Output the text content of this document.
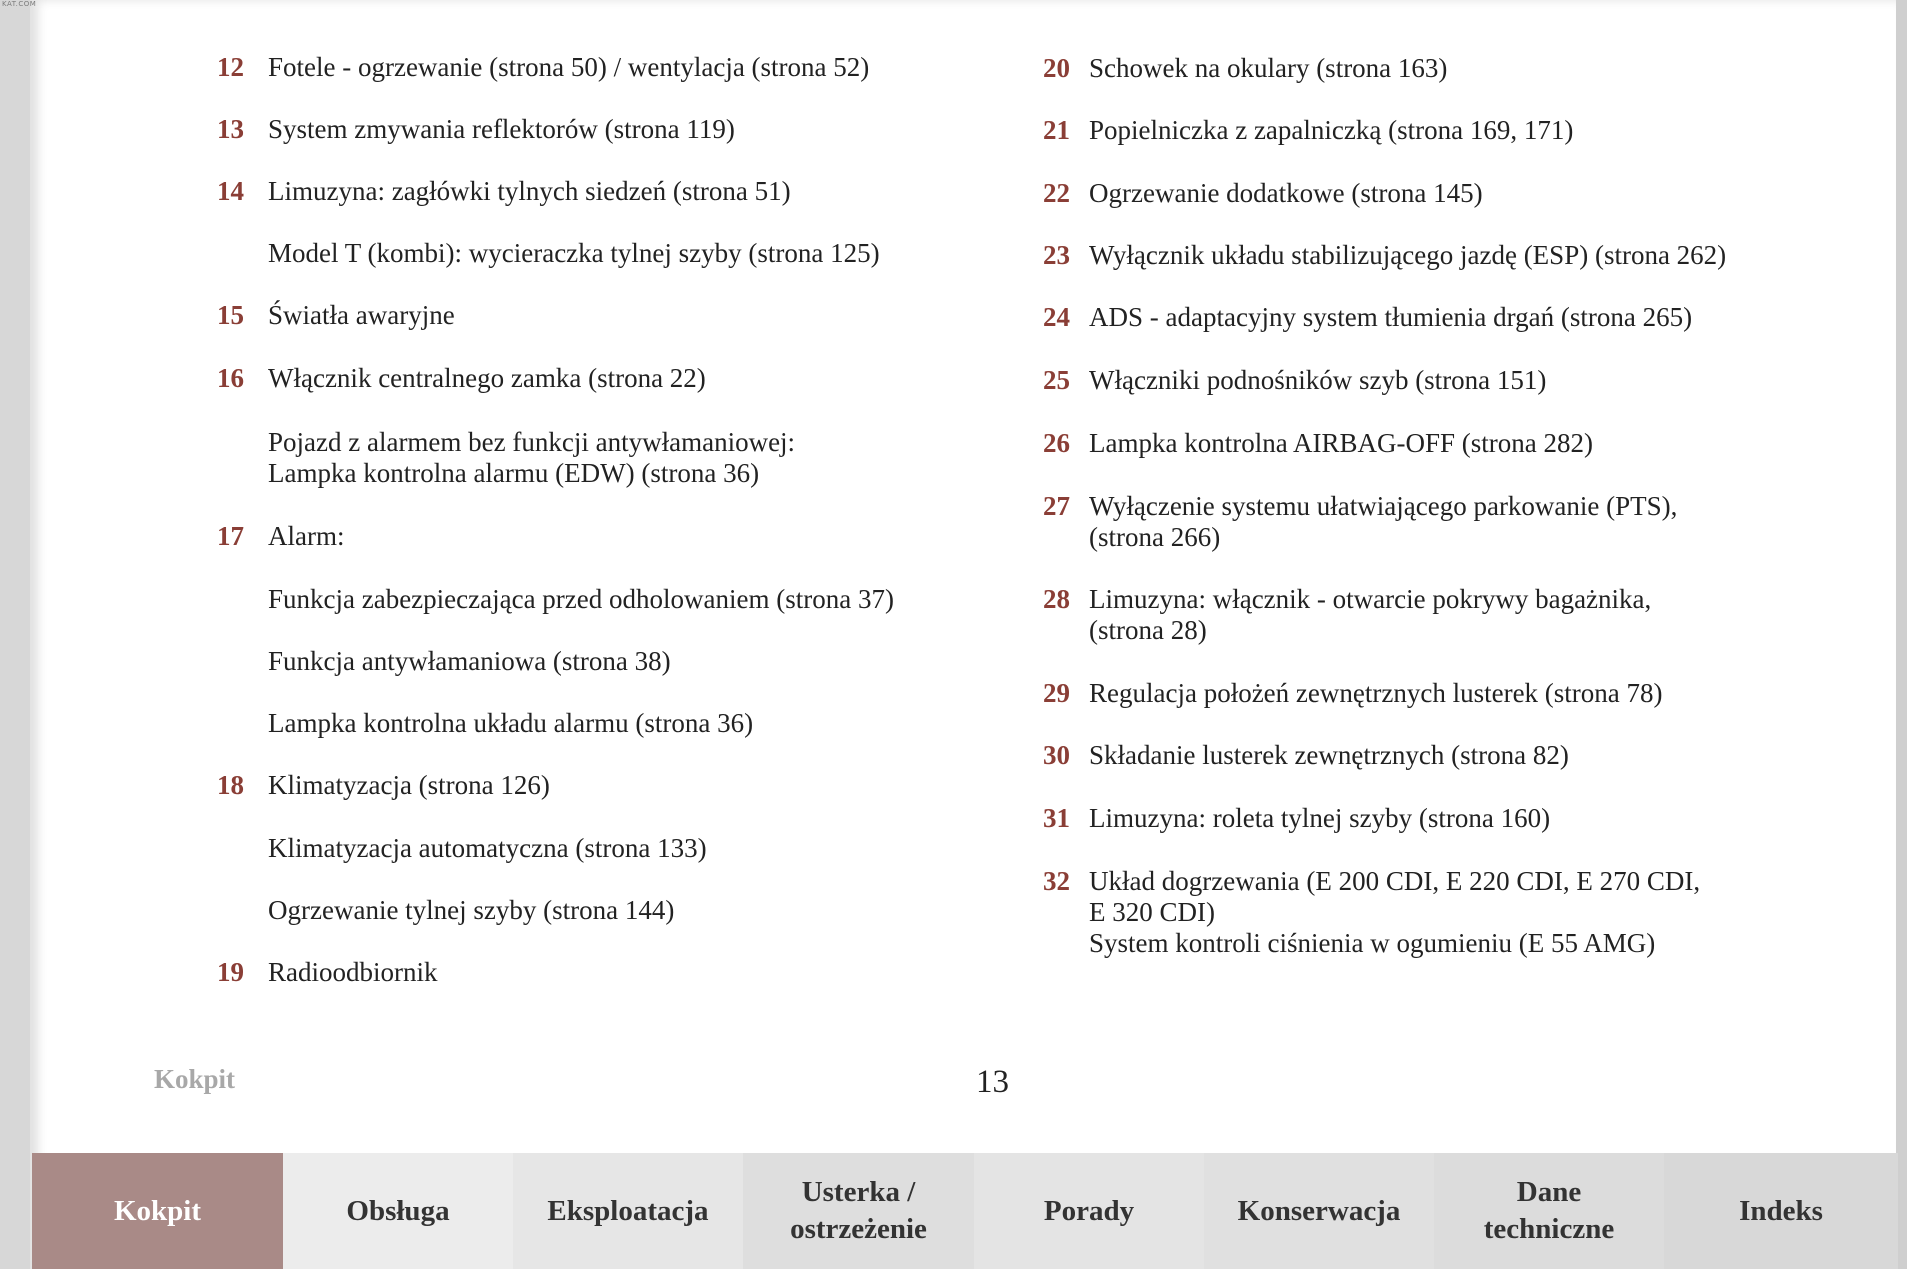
12 Fotele - ogrzewanie (strona 50) / wentylacja (strona 52)
13 System zmywania reflektorów (strona 119)
14 Limuzyna: zagłówki tylnych siedzeń (strona 51)
Model T (kombi): wycieraczka tylnej szyby (strona 125)
15 Światła awaryjne
16 Włącznik centralnego zamka (strona 22)
Pojazd z alarmem bez funkcji antywłamaniowej:
Lampka kontrolna alarmu (EDW) (strona 36)
17 Alarm:
Funkcja zabezpieczająca przed odholowaniem (strona 37)
Funkcja antywłamaniowa (strona 38)
Lampka kontrolna układu alarmu (strona 36)
18 Klimatyzacja (strona 126)
Klimatyzacja automatyczna (strona 133)
Ogrzewanie tylnej szyby (strona 144)
19 Radioodbiornik
20 Schowek na okulary (strona 163)
21 Popielniczka z zapalniczką (strona 169, 171)
22 Ogrzewanie dodatkowe (strona 145)
23 Wyłącznik układu stabilizującego jazdę (ESP) (strona 262)
24 ADS - adaptacyjny system tłumienia drgań (strona 265)
25 Włączniki podnośników szyb (strona 151)
26 Lampka kontrolna AIRBAG-OFF (strona 282)
27 Wyłączenie systemu ułatwiającego parkowanie (PTS),
(strona 266)
28 Limuzyna: włącznik - otwarcie pokrywy bagażnika,
(strona 28)
29 Regulacja położeń zewnętrznych lusterek (strona 78)
30 Składanie lusterek zewnętrznych (strona 82)
31 Limuzyna: roleta tylnej szyby (strona 160)
32 Układ dogrzewania (E 200 CDI, E 220 CDI, E 270 CDI,
E 320 CDI)
System kontroli ciśnienia w ogumieniu (E 55 AMG)
Kokpit	13
KAT.COM
Kokpit	Obsługa	Eksploatacja
Usterka /
ostrzeżenie
Porady	Konserwacja
Dane
techniczne
Indeks
